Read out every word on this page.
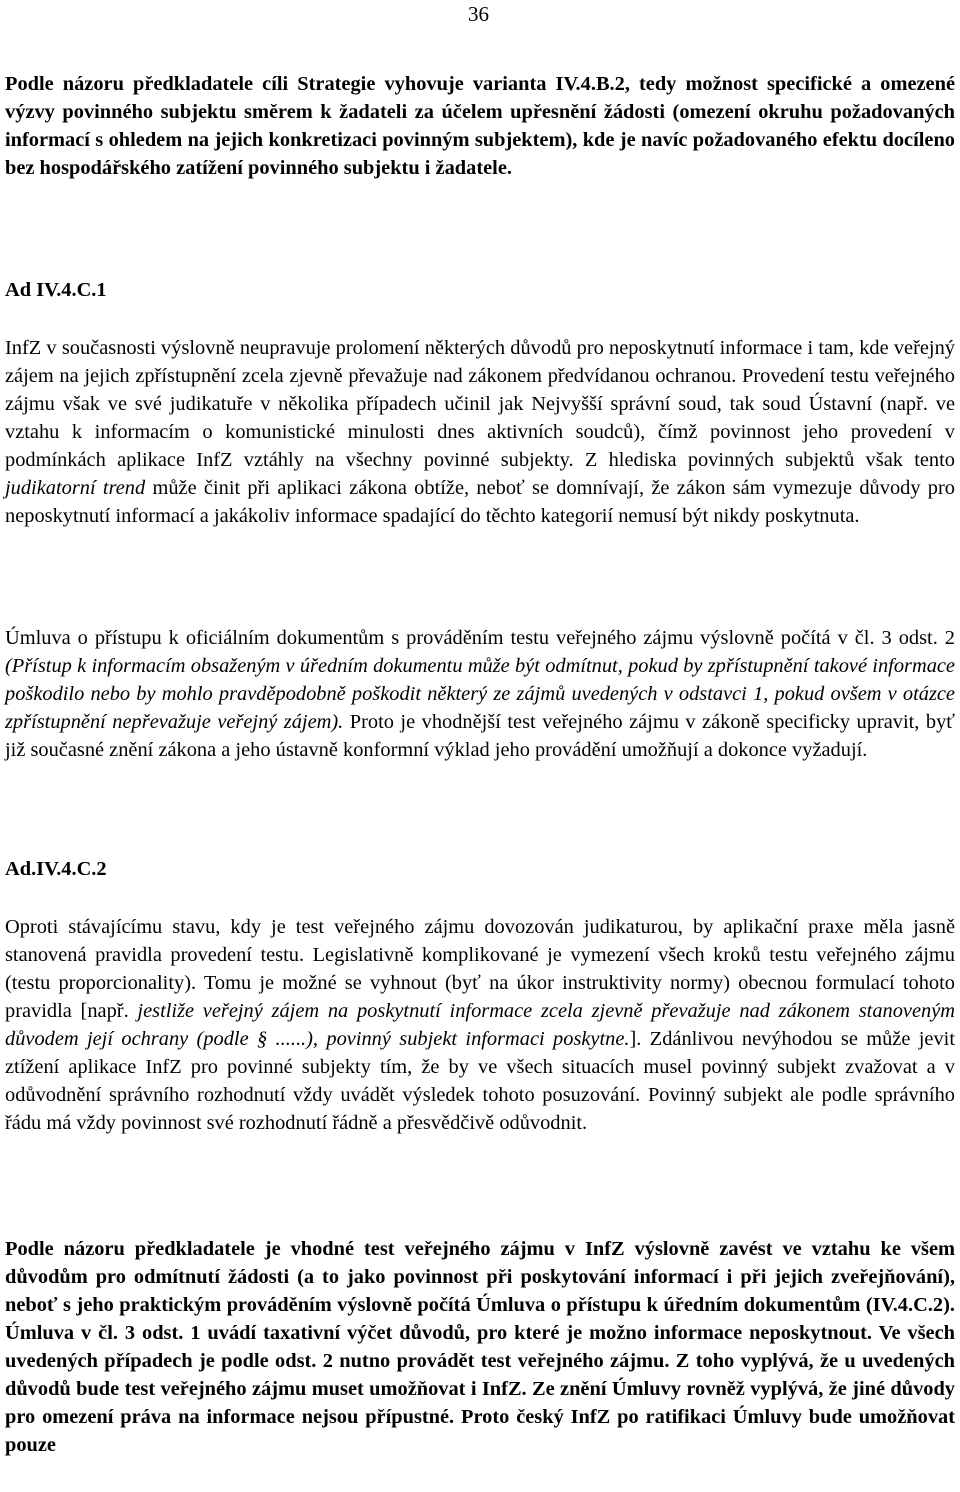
36

Podle názoru předkladatele cíli Strategie vyhovuje varianta IV.4.B.2, tedy možnost specifické a omezené výzvy povinného subjektu směrem k žadateli za účelem upřesnění žádosti (omezení okruhu požadovaných informací s ohledem na jejich konkretizaci povinným subjektem), kde je navíc požadovaného efektu docíleno bez hospodářského zatížení povinného subjektu i žadatele.

Ad IV.4.C.1

InfZ v současnosti výslovně neupravuje prolomení některých důvodů pro neposkytnutí informace i tam, kde veřejný zájem na jejich zpřístupnění zcela zjevně převažuje nad zákonem předvídanou ochranou. Provedení testu veřejného zájmu však ve své judikatuře v několika případech učinil jak Nejvyšší správní soud, tak soud Ústavní (např. ve vztahu k informacím o komunistické minulosti dnes aktivních soudců), čímž povinnost jeho provedení v podmínkách aplikace InfZ vztáhly na všechny povinné subjekty. Z hlediska povinných subjektů však tento judikatorní trend může činit při aplikaci zákona obtíže, neboť se domnívají, že zákon sám vymezuje důvody pro neposkytnutí informací a jakákoliv informace spadající do těchto kategorií nemusí být nikdy poskytnuta.

Úmluva o přístupu k oficiálním dokumentům s prováděním testu veřejného zájmu výslovně počítá v čl. 3 odst. 2 (Přístup k informacím obsaženým v úředním dokumentu může být odmítnut, pokud by zpřístupnění takové informace poškodilo nebo by mohlo pravděpodobně poškodit některý ze zájmů uvedených v odstavci 1, pokud ovšem v otázce zpřístupnění nepřevažuje veřejný zájem). Proto je vhodnější test veřejného zájmu v zákoně specificky upravit, byť již současné znění zákona a jeho ústavně konformní výklad jeho provádění umožňují a dokonce vyžadují.

Ad.IV.4.C.2

Oproti stávajícímu stavu, kdy je test veřejného zájmu dovozován judikaturou, by aplikační praxe měla jasně stanovená pravidla provedení testu. Legislativně komplikované je vymezení všech kroků testu veřejného zájmu (testu proporcionality). Tomu je možné se vyhnout (byť na úkor instruktivity normy) obecnou formulací tohoto pravidla [např. jestliže veřejný zájem na poskytnutí informace zcela zjevně převažuje nad zákonem stanoveným důvodem její ochrany (podle § ......), povinný subjekt informaci poskytne.]. Zdánlivou nevýhodou se může jevit ztížení aplikace InfZ pro povinné subjekty tím, že by ve všech situacích musel povinný subjekt zvažovat a v odůvodnění správního rozhodnutí vždy uvádět výsledek tohoto posuzování. Povinný subjekt ale podle správního řádu má vždy povinnost své rozhodnutí řádně a přesvědčivě odůvodnit.

Podle názoru předkladatele je vhodné test veřejného zájmu v InfZ výslovně zavést ve vztahu ke všem důvodům pro odmítnutí žádosti (a to jako povinnost při poskytování informací i při jejich zveřejňování), neboť s jeho praktickým prováděním výslovně počítá Úmluva o přístupu k úředním dokumentům (IV.4.C.2). Úmluva v čl. 3 odst. 1 uvádí taxativní výčet důvodů, pro které je možno informace neposkytnout. Ve všech uvedených případech je podle odst. 2 nutno provádět test veřejného zájmu. Z toho vyplývá, že u uvedených důvodů bude test veřejného zájmu muset umožňovat i InfZ. Ze znění Úmluvy rovněž vyplývá, že jiné důvody pro omezení práva na informace nejsou přípustné. Proto český InfZ po ratifikaci Úmluvy bude umožňovat pouze
